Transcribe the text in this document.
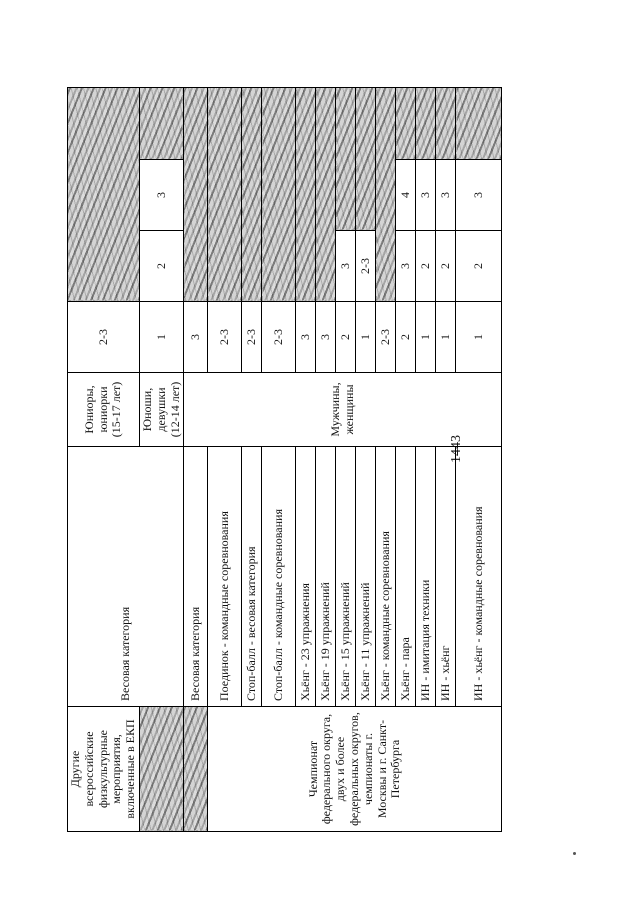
1443
Другие всероссийские физкультурные мероприятия, включенные в ЕКП	Весовая категория	Юниоры, юниорки (15-17 лет)	2-3			
		Юноши, девушки (12-14 лет)	1	2	3	
	Весовая категория	Мужчины, женщины	3			
Чемпионат федерального округа, двух и более федеральных округов, чемпионаты г. Москвы и г. Санкт-Петербурга	Поединок - командные соревнования		2-3			
	Стоп-балл - весовая категория		2-3			
	Стоп-балл - командные соревнования		2-3			
	Хьёнг - 23 упражнения		3			
	Хьёнг - 19 упражнений		3			
	Хьёнг - 15 упражнений		2	3		
	Хьёнг - 11 упражнений		1	2-3		
	Хьёнг - командные соревнования		2-3			
	Хьёнг - пара		2	3	4	
	ИН - имитация техники		1	2	3	
	ИН - хьёнг		1	2	3	
	ИН - хьёнг - командные соревнования		1	2	3	
